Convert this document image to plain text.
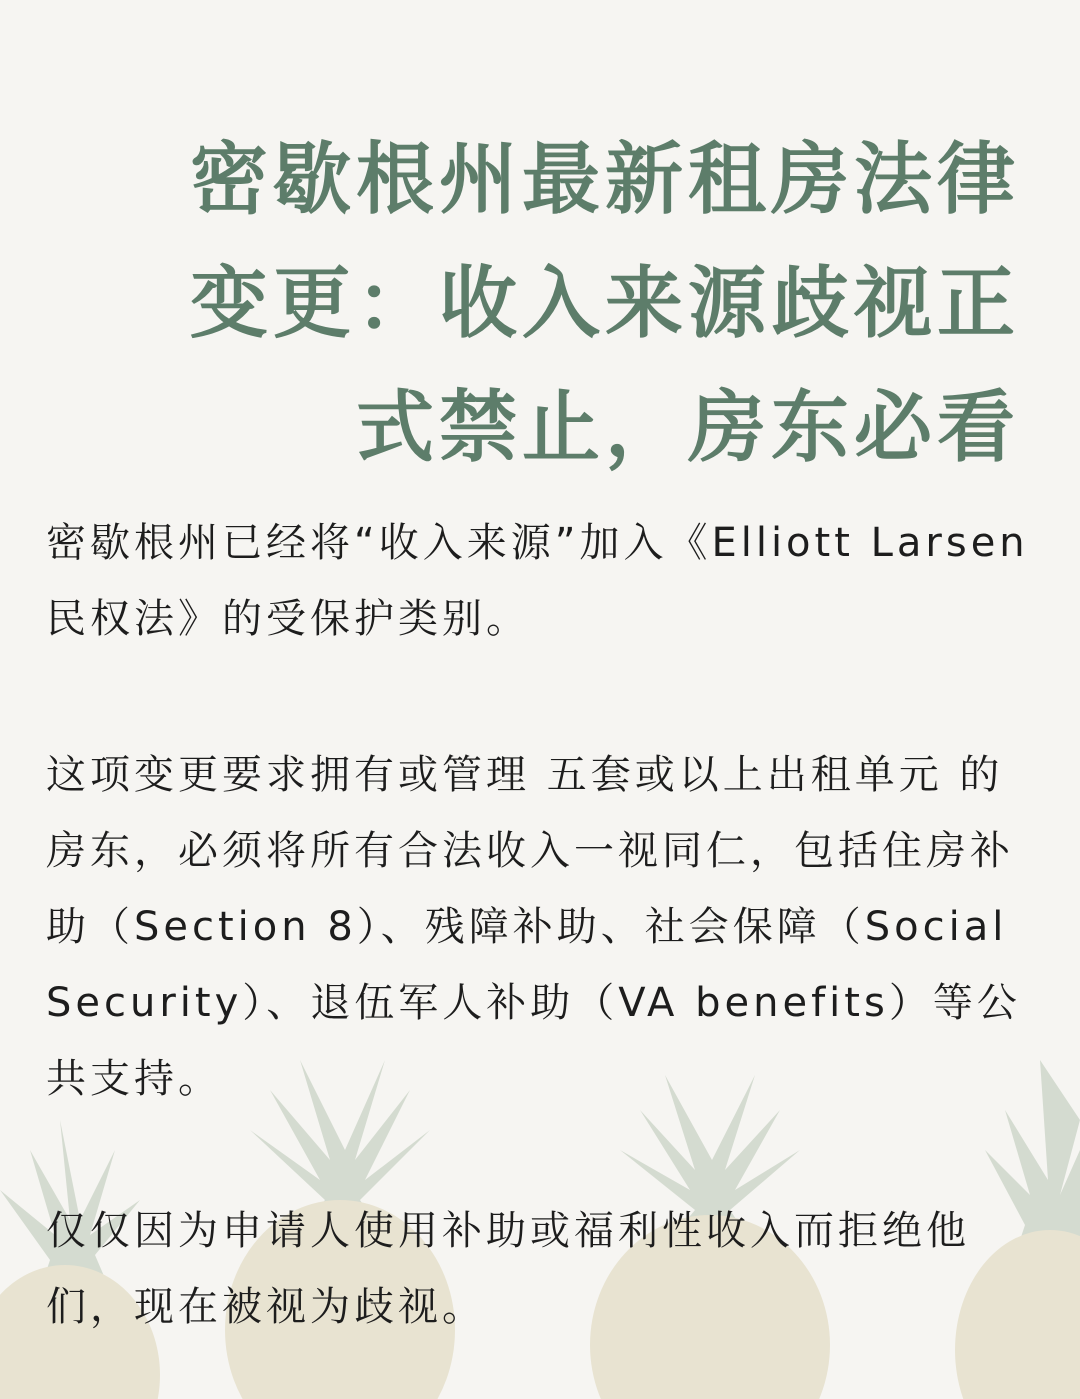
密歇根州最新租房法律
变更：收入来源歧视正
式禁止，房东必看

密歇根州已经将“收入来源”加入《Elliott Larsen 民权法》的受保护类别。

这项变更要求拥有或管理 五套或以上出租单元 的房东，必须将所有合法收入一视同仁，包括住房补助（Section 8）、残障补助、社会保障（Social Security）、退伍军人补助（VA benefits）等公共支持。

仅仅因为申请人使用补助或福利性收入而拒绝他们，现在被视为歧视。
